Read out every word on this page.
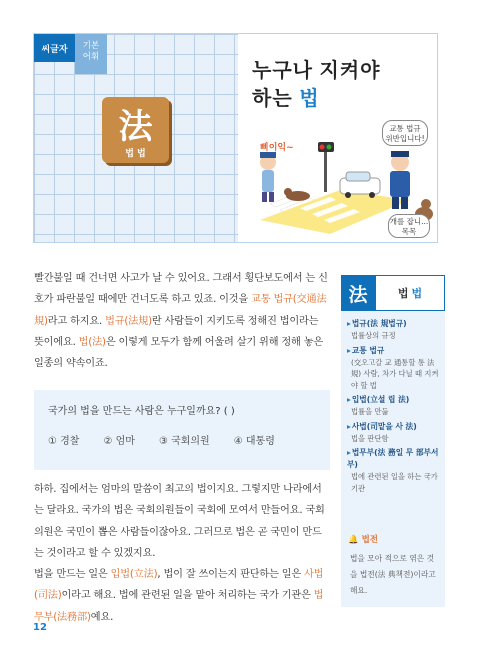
씨글자	기본
어휘
法
법 법
누구나 지켜야
하는 법
삐이익~
교통 법규
위반입니다!
개를 잡니...
목목
빨간불일 때 건너면 사고가 날 수 있어요. 그래서 횡단보도에서 는 신호가 파란불일 때에만 건너도록 하고 있죠. 이것을 교통 법규(交通法規)라고 하지요. 법규(法規)란 사람들이 지키도록 정해진 법이라는 뜻이에요. 법(法)은 이렇게 모두가 함께 어울려 살기 위해 정해 놓은 일종의 약속이죠.
국가의 법을 만드는 사람은 누구일까요? ( )
① 경찰 ② 엄마 ③ 국회의원 ④ 대통령
하하. 집에서는 엄마의 말씀이 최고의 법이지요. 그렇지만 나라에서는 달라요. 국가의 법은 국회의원들이 국회에 모여서 만들어요. 국회의원은 국민이 뽑은 사람들이잖아요. 그러므로 법은 곧 국민이 만드는 것이라고 할 수 있겠지요.
법을 만드는 일은 입법(立法), 법이 잘 쓰이는지 판단하는 일은 사법(司法)이라고 해요. 법에 관련된 일을 맡아 처리하는 국가 기관은 법무부(法務部)예요.
法	법 법
▸ 법규(法 規법규)
법률상의 규정
▸ 교통 법규
(交오고갈 교 通통할 통 法規) 사람, 차가 다닐 때 지켜야 할 법
▸ 입법(立설 립 法)
법률을 만듦
▸ 사법(司맡을 사 法)
법을 판단함
▸ 법무부(法 務일 무 部부서 부)
법에 관련된 일을 하는 국가 기관
🔔 법전
법을 모아 적으로 엮은 것을 법전(法 典책전)이라고 해요.
12
